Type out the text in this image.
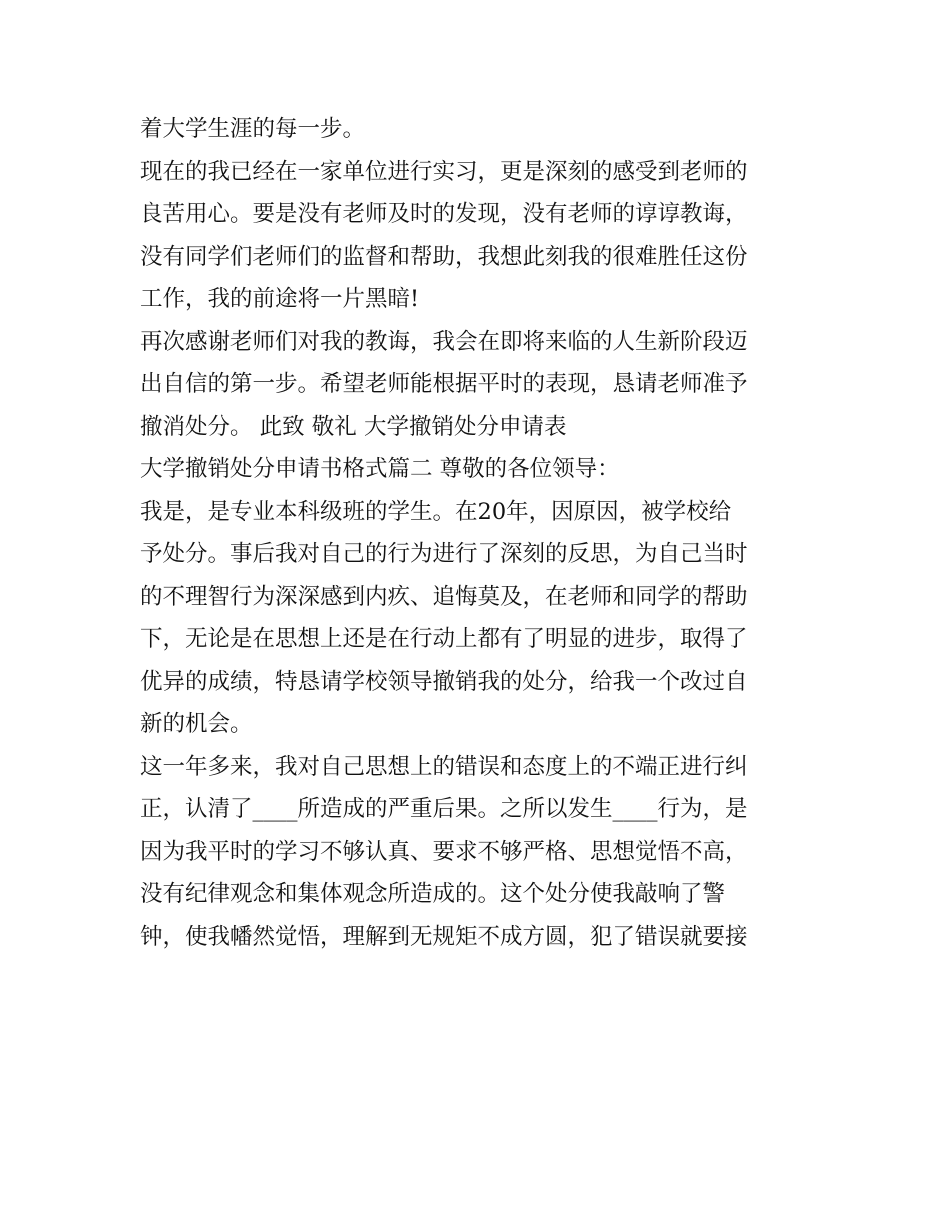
着大学生涯的每一步。
现在的我已经在一家单位进行实习，更是深刻的感受到老师的
良苦用心。要是没有老师及时的发现，没有老师的谆谆教诲，
没有同学们老师们的监督和帮助，我想此刻我的很难胜任这份
工作，我的前途将一片黑暗!
再次感谢老师们对我的教诲，我会在即将来临的人生新阶段迈
出自信的第一步。希望老师能根据平时的表现，恳请老师准予
撤消处分。 此致 敬礼 大学撤销处分申请表
大学撤销处分申请书格式篇二 尊敬的各位领导：
我是，是专业本科级班的学生。在20年，因原因，被学校给
予处分。事后我对自己的行为进行了深刻的反思，为自己当时
的不理智行为深深感到内疚、追悔莫及，在老师和同学的帮助
下，无论是在思想上还是在行动上都有了明显的进步，取得了
优异的成绩，特恳请学校领导撤销我的处分，给我一个改过自
新的机会。
这一年多来，我对自己思想上的错误和态度上的不端正进行纠
正，认清了____所造成的严重后果。之所以发生____行为，是
因为我平时的学习不够认真、要求不够严格、思想觉悟不高，
没有纪律观念和集体观念所造成的。这个处分使我敲响了警
钟，使我幡然觉悟，理解到无规矩不成方圆，犯了错误就要接
